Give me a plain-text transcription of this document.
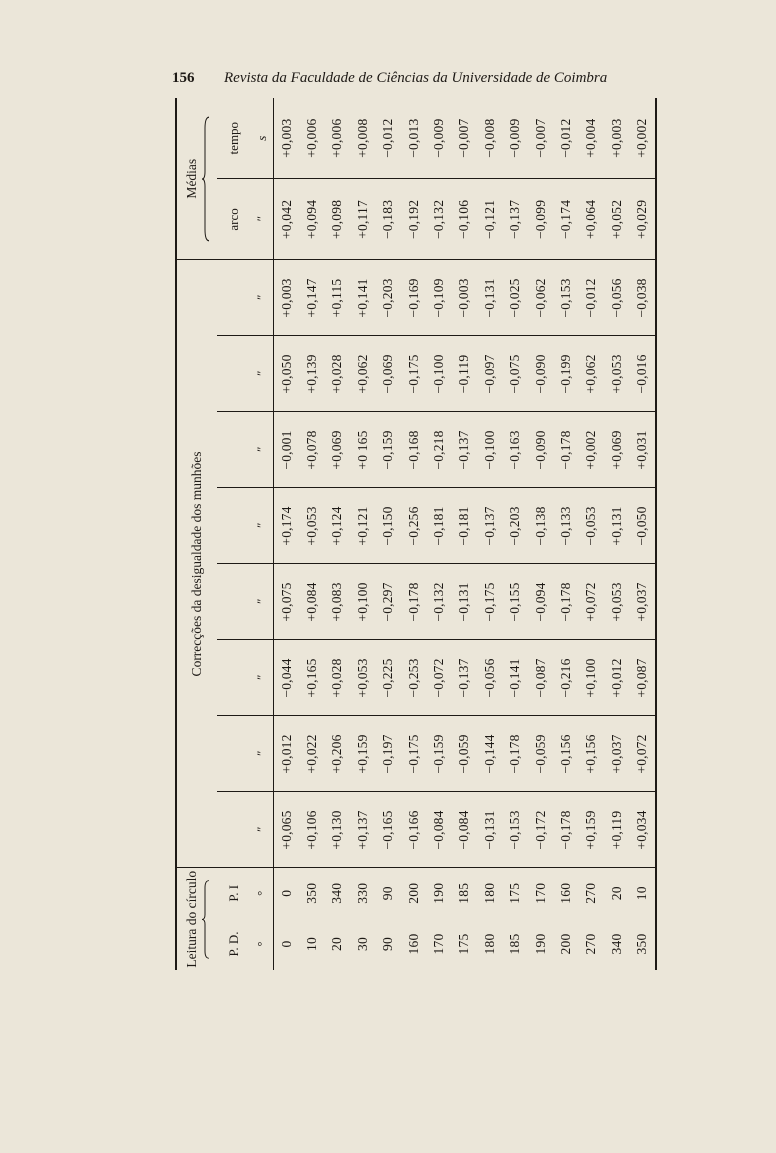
156 Revista da Faculdade de Ciências da Universidade de Coimbra
Leitura do círculo		Correcções da desigualdade dos munhões								Médias	

P. D.	P. I									arco	tempo
°	°	″	″	″	″	″	″	″	″	″	s
0	0	+0,065	+0,012	−0,044	+0,075	+0,174	−0,001	+0,050	+0,003	+0,042	+0,003
10	350	+0,106	+0,022	+0,165	+0,084	+0,053	+0,078	+0,139	+0,147	+0,094	+0,006
20	340	+0,130	+0,206	+0,028	+0,083	+0,124	+0,069	+0,028	+0,115	+0,098	+0,006
30	330	+0,137	+0,159	+0,053	+0,100	+0,121	+0 165	+0,062	+0,141	+0,117	+0,008
90	90	−0,165	−0,197	−0,225	−0,297	−0,150	−0,159	−0,069	−0,203	−0,183	−0,012
160	200	−0,166	−0,175	−0,253	−0,178	−0,256	−0,168	−0,175	−0,169	−0,192	−0,013
170	190	−0,084	−0,159	−0,072	−0,132	−0,181	−0,218	−0,100	−0,109	−0,132	−0,009
175	185	−0,084	−0,059	−0,137	−0,131	−0,181	−0,137	−0,119	−0,003	−0,106	−0,007
180	180	−0,131	−0,144	−0,056	−0,175	−0,137	−0,100	−0,097	−0,131	−0,121	−0,008
185	175	−0,153	−0,178	−0,141	−0,155	−0,203	−0,163	−0,075	−0,025	−0,137	−0,009
190	170	−0,172	−0,059	−0,087	−0,094	−0,138	−0,090	−0,090	−0,062	−0,099	−0,007
200	160	−0,178	−0,156	−0,216	−0,178	−0,133	−0,178	−0,199	−0,153	−0,174	−0,012
270	270	+0,159	+0,156	+0,100	+0,072	−0,053	+0,002	+0,062	−0,012	+0,064	+0,004
340	20	+0,119	+0,037	+0,012	+0,053	+0,131	+0,069	+0,053	−0,056	+0,052	+0,003
350	10	+0,034	+0,072	+0,087	+0,037	−0,050	+0,031	−0,016	−0,038	+0,029	+0,002
